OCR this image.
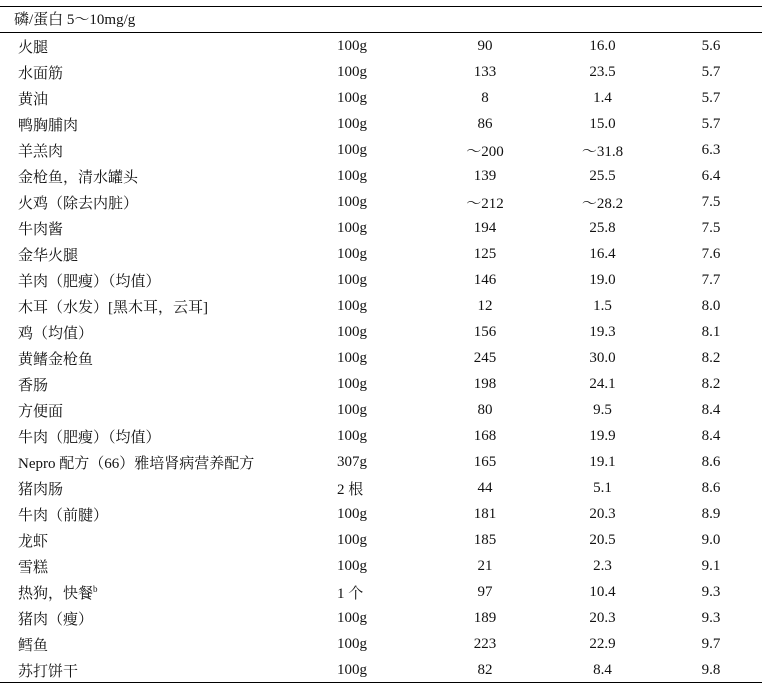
磷/蛋白 5～10mg/g
火腿	100g	90	16.0	5.6
水面筋	100g	133	23.5	5.7
黄油	100g	8	1.4	5.7
鸭胸脯肉	100g	86	15.0	5.7
羊羔肉	100g	～200	～31.8	6.3
金枪鱼，清水罐头	100g	139	25.5	6.4
火鸡（除去内脏）	100g	～212	～28.2	7.5
牛肉酱	100g	194	25.8	7.5
金华火腿	100g	125	16.4	7.6
羊肉（肥瘦）（均值）	100g	146	19.0	7.7
木耳（水发）[黑木耳，云耳]	100g	12	1.5	8.0
鸡（均值）	100g	156	19.3	8.1
黄鳍金枪鱼	100g	245	30.0	8.2
香肠	100g	198	24.1	8.2
方便面	100g	80	9.5	8.4
牛肉（肥瘦）（均值）	100g	168	19.9	8.4
Nepro 配方（66）雅培肾病营养配方	307g	165	19.1	8.6
猪肉肠	2 根	44	5.1	8.6
牛肉（前腱）	100g	181	20.3	8.9
龙虾	100g	185	20.5	9.0
雪糕	100g	21	2.3	9.1
热狗，快餐$^b$	1 个	97	10.4	9.3
猪肉（瘦）	100g	189	20.3	9.3
鳕鱼	100g	223	22.9	9.7
苏打饼干	100g	82	8.4	9.8
